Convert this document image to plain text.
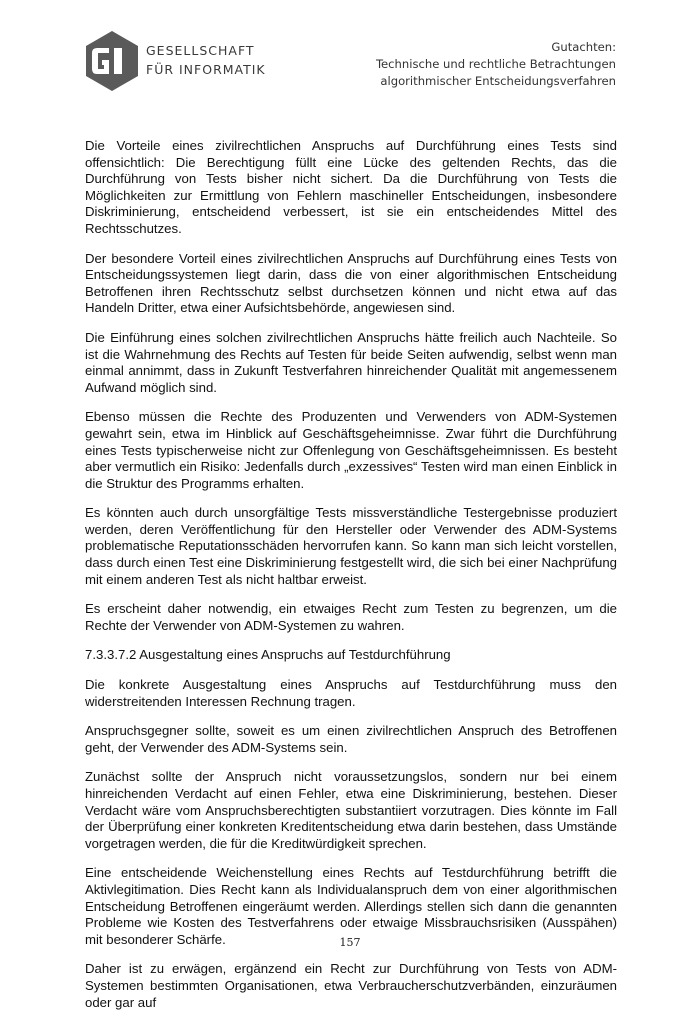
GESELLSCHAFT
FÜR INFORMATIK
Gutachten:
Technische und rechtliche Betrachtungen
algorithmischer Entscheidungsverfahren

Die Vorteile eines zivilrechtlichen Anspruchs auf Durchführung eines Tests sind offensichtlich: Die Berechtigung füllt eine Lücke des geltenden Rechts, das die Durchführung von Tests bisher nicht sichert. Da die Durchführung von Tests die Möglichkeiten zur Ermittlung von Fehlern maschineller Entscheidungen, insbesondere Diskriminierung, entscheidend verbessert, ist sie ein entscheidendes Mittel des Rechtsschutzes.

Der besondere Vorteil eines zivilrechtlichen Anspruchs auf Durchführung eines Tests von Entscheidungssystemen liegt darin, dass die von einer algorithmischen Entscheidung Betroffenen ihren Rechtsschutz selbst durchsetzen können und nicht etwa auf das Handeln Dritter, etwa einer Aufsichtsbehörde, angewiesen sind.

Die Einführung eines solchen zivilrechtlichen Anspruchs hätte freilich auch Nachteile. So ist die Wahrnehmung des Rechts auf Testen für beide Seiten aufwendig, selbst wenn man einmal annimmt, dass in Zukunft Testverfahren hinreichender Qualität mit angemessenem Aufwand möglich sind.

Ebenso müssen die Rechte des Produzenten und Verwenders von ADM-Systemen gewahrt sein, etwa im Hinblick auf Geschäftsgeheimnisse. Zwar führt die Durchführung eines Tests typischerweise nicht zur Offenlegung von Geschäftsgeheimnissen. Es besteht aber vermutlich ein Risiko: Jedenfalls durch „exzessives“ Testen wird man einen Einblick in die Struktur des Programms erhalten.

Es könnten auch durch unsorgfältige Tests missverständliche Testergebnisse produziert werden, deren Veröffentlichung für den Hersteller oder Verwender des ADM-Systems problematische Reputationsschäden hervorrufen kann. So kann man sich leicht vorstellen, dass durch einen Test eine Diskriminierung festgestellt wird, die sich bei einer Nachprüfung mit einem anderen Test als nicht haltbar erweist.

Es erscheint daher notwendig, ein etwaiges Recht zum Testen zu begrenzen, um die Rechte der Verwender von ADM-Systemen zu wahren.

7.3.3.7.2 Ausgestaltung eines Anspruchs auf Testdurchführung

Die konkrete Ausgestaltung eines Anspruchs auf Testdurchführung muss den widerstreitenden Interessen Rechnung tragen.

Anspruchsgegner sollte, soweit es um einen zivilrechtlichen Anspruch des Betroffenen geht, der Verwender des ADM-Systems sein.

Zunächst sollte der Anspruch nicht voraussetzungslos, sondern nur bei einem hinreichenden Verdacht auf einen Fehler, etwa eine Diskriminierung, bestehen. Dieser Verdacht wäre vom Anspruchsberechtigten substantiiert vorzutragen. Dies könnte im Fall der Überprüfung einer konkreten Kreditentscheidung etwa darin bestehen, dass Umstände vorgetragen werden, die für die Kreditwürdigkeit sprechen.

Eine entscheidende Weichenstellung eines Rechts auf Testdurchführung betrifft die Aktivlegitimation. Dies Recht kann als Individualanspruch dem von einer algorithmischen Entscheidung Betroffenen eingeräumt werden. Allerdings stellen sich dann die genannten Probleme wie Kosten des Testverfahrens oder etwaige Missbrauchsrisiken (Ausspähen) mit besonderer Schärfe.

Daher ist zu erwägen, ergänzend ein Recht zur Durchführung von Tests von ADM-Systemen bestimmten Organisationen, etwa Verbraucherschutzverbänden, einzuräumen oder gar auf

157
